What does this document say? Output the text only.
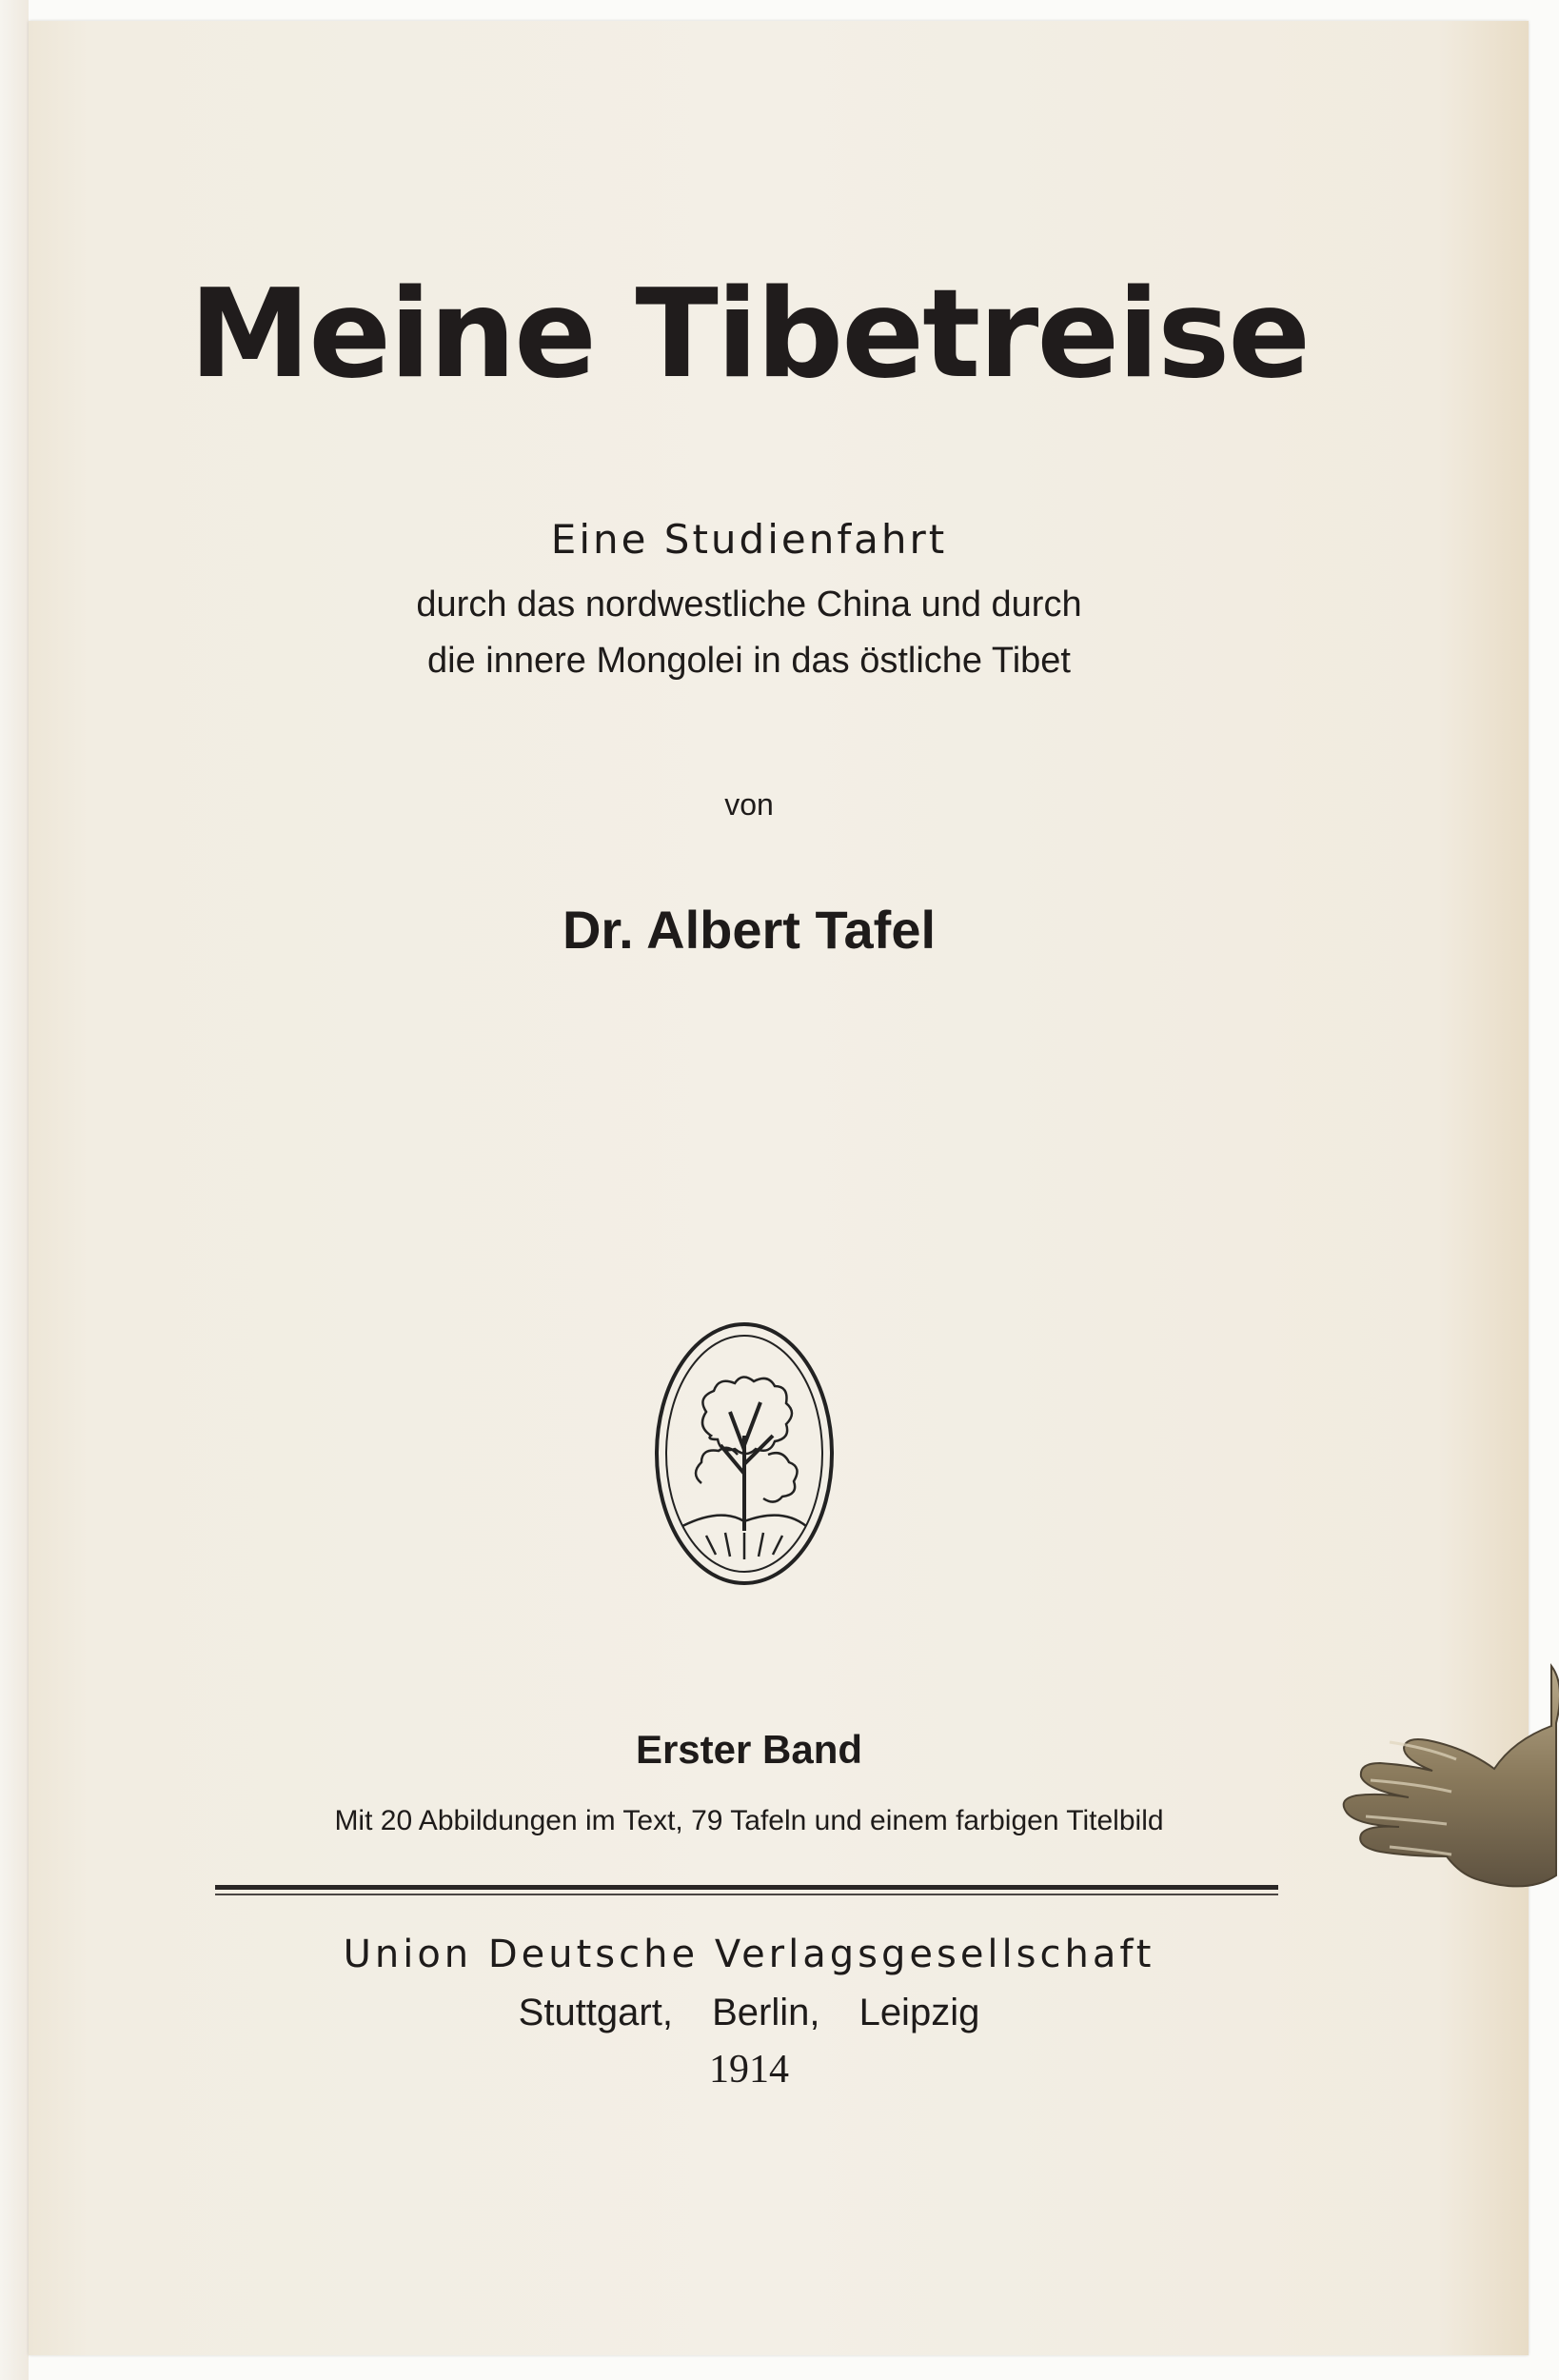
Meine Tibetreise
Eine Studienfahrt
durch das nordwestliche China und durch
die innere Mongolei in das östliche Tibet
von
Dr. Albert Tafel
Erster Band
Mit 20 Abbildungen im Text, 79 Tafeln und einem farbigen Titelbild
Union Deutsche Verlagsgesellschaft
Stuttgart, Berlin, Leipzig
1914
